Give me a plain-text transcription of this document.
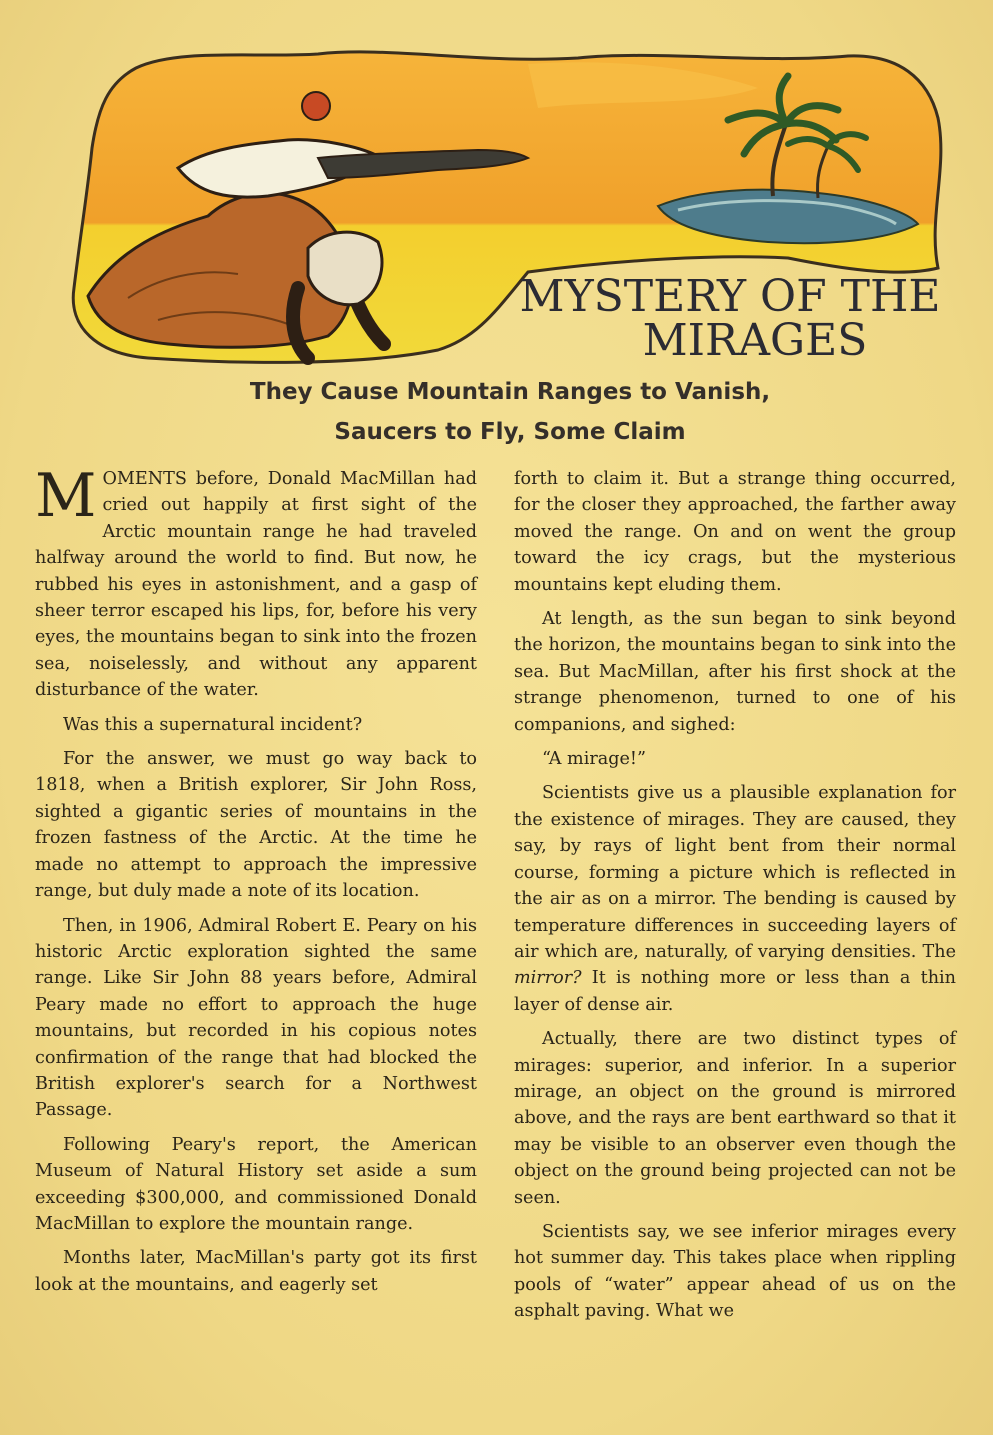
MYSTERY OF THE
MIRAGES
They Cause Mountain Ranges to Vanish,
Saucers to Fly, Some Claim

MOMENTS before, Donald MacMillan had cried out happily at first sight of the Arctic mountain range he had traveled halfway around the world to find. But now, he rubbed his eyes in astonishment, and a gasp of sheer terror escaped his lips, for, before his very eyes, the mountains began to sink into the frozen sea, noiselessly, and without any apparent disturbance of the water.

Was this a supernatural incident?

For the answer, we must go way back to 1818, when a British explorer, Sir John Ross, sighted a gigantic series of mountains in the frozen fastness of the Arctic. At the time he made no attempt to approach the impressive range, but duly made a note of its location.

Then, in 1906, Admiral Robert E. Peary on his historic Arctic exploration sighted the same range. Like Sir John 88 years before, Admiral Peary made no effort to approach the huge mountains, but recorded in his copious notes confirmation of the range that had blocked the British explorer's search for a Northwest Passage.

Following Peary's report, the American Museum of Natural History set aside a sum exceeding $300,000, and commissioned Donald MacMillan to explore the mountain range.

Months later, MacMillan's party got its first look at the mountains, and eagerly set

forth to claim it. But a strange thing occurred, for the closer they approached, the farther away moved the range. On and on went the group toward the icy crags, but the mysterious mountains kept eluding them.

At length, as the sun began to sink beyond the horizon, the mountains began to sink into the sea. But MacMillan, after his first shock at the strange phenomenon, turned to one of his companions, and sighed:

“A mirage!”

Scientists give us a plausible explanation for the existence of mirages. They are caused, they say, by rays of light bent from their normal course, forming a picture which is reflected in the air as on a mirror. The bending is caused by temperature differences in succeeding layers of air which are, naturally, of varying densities. The mirror? It is nothing more or less than a thin layer of dense air.

Actually, there are two distinct types of mirages: superior, and inferior. In a superior mirage, an object on the ground is mirrored above, and the rays are bent earthward so that it may be visible to an observer even though the object on the ground being projected can not be seen.

Scientists say, we see inferior mirages every hot summer day. This takes place when rippling pools of “water” appear ahead of us on the asphalt paving. What we
